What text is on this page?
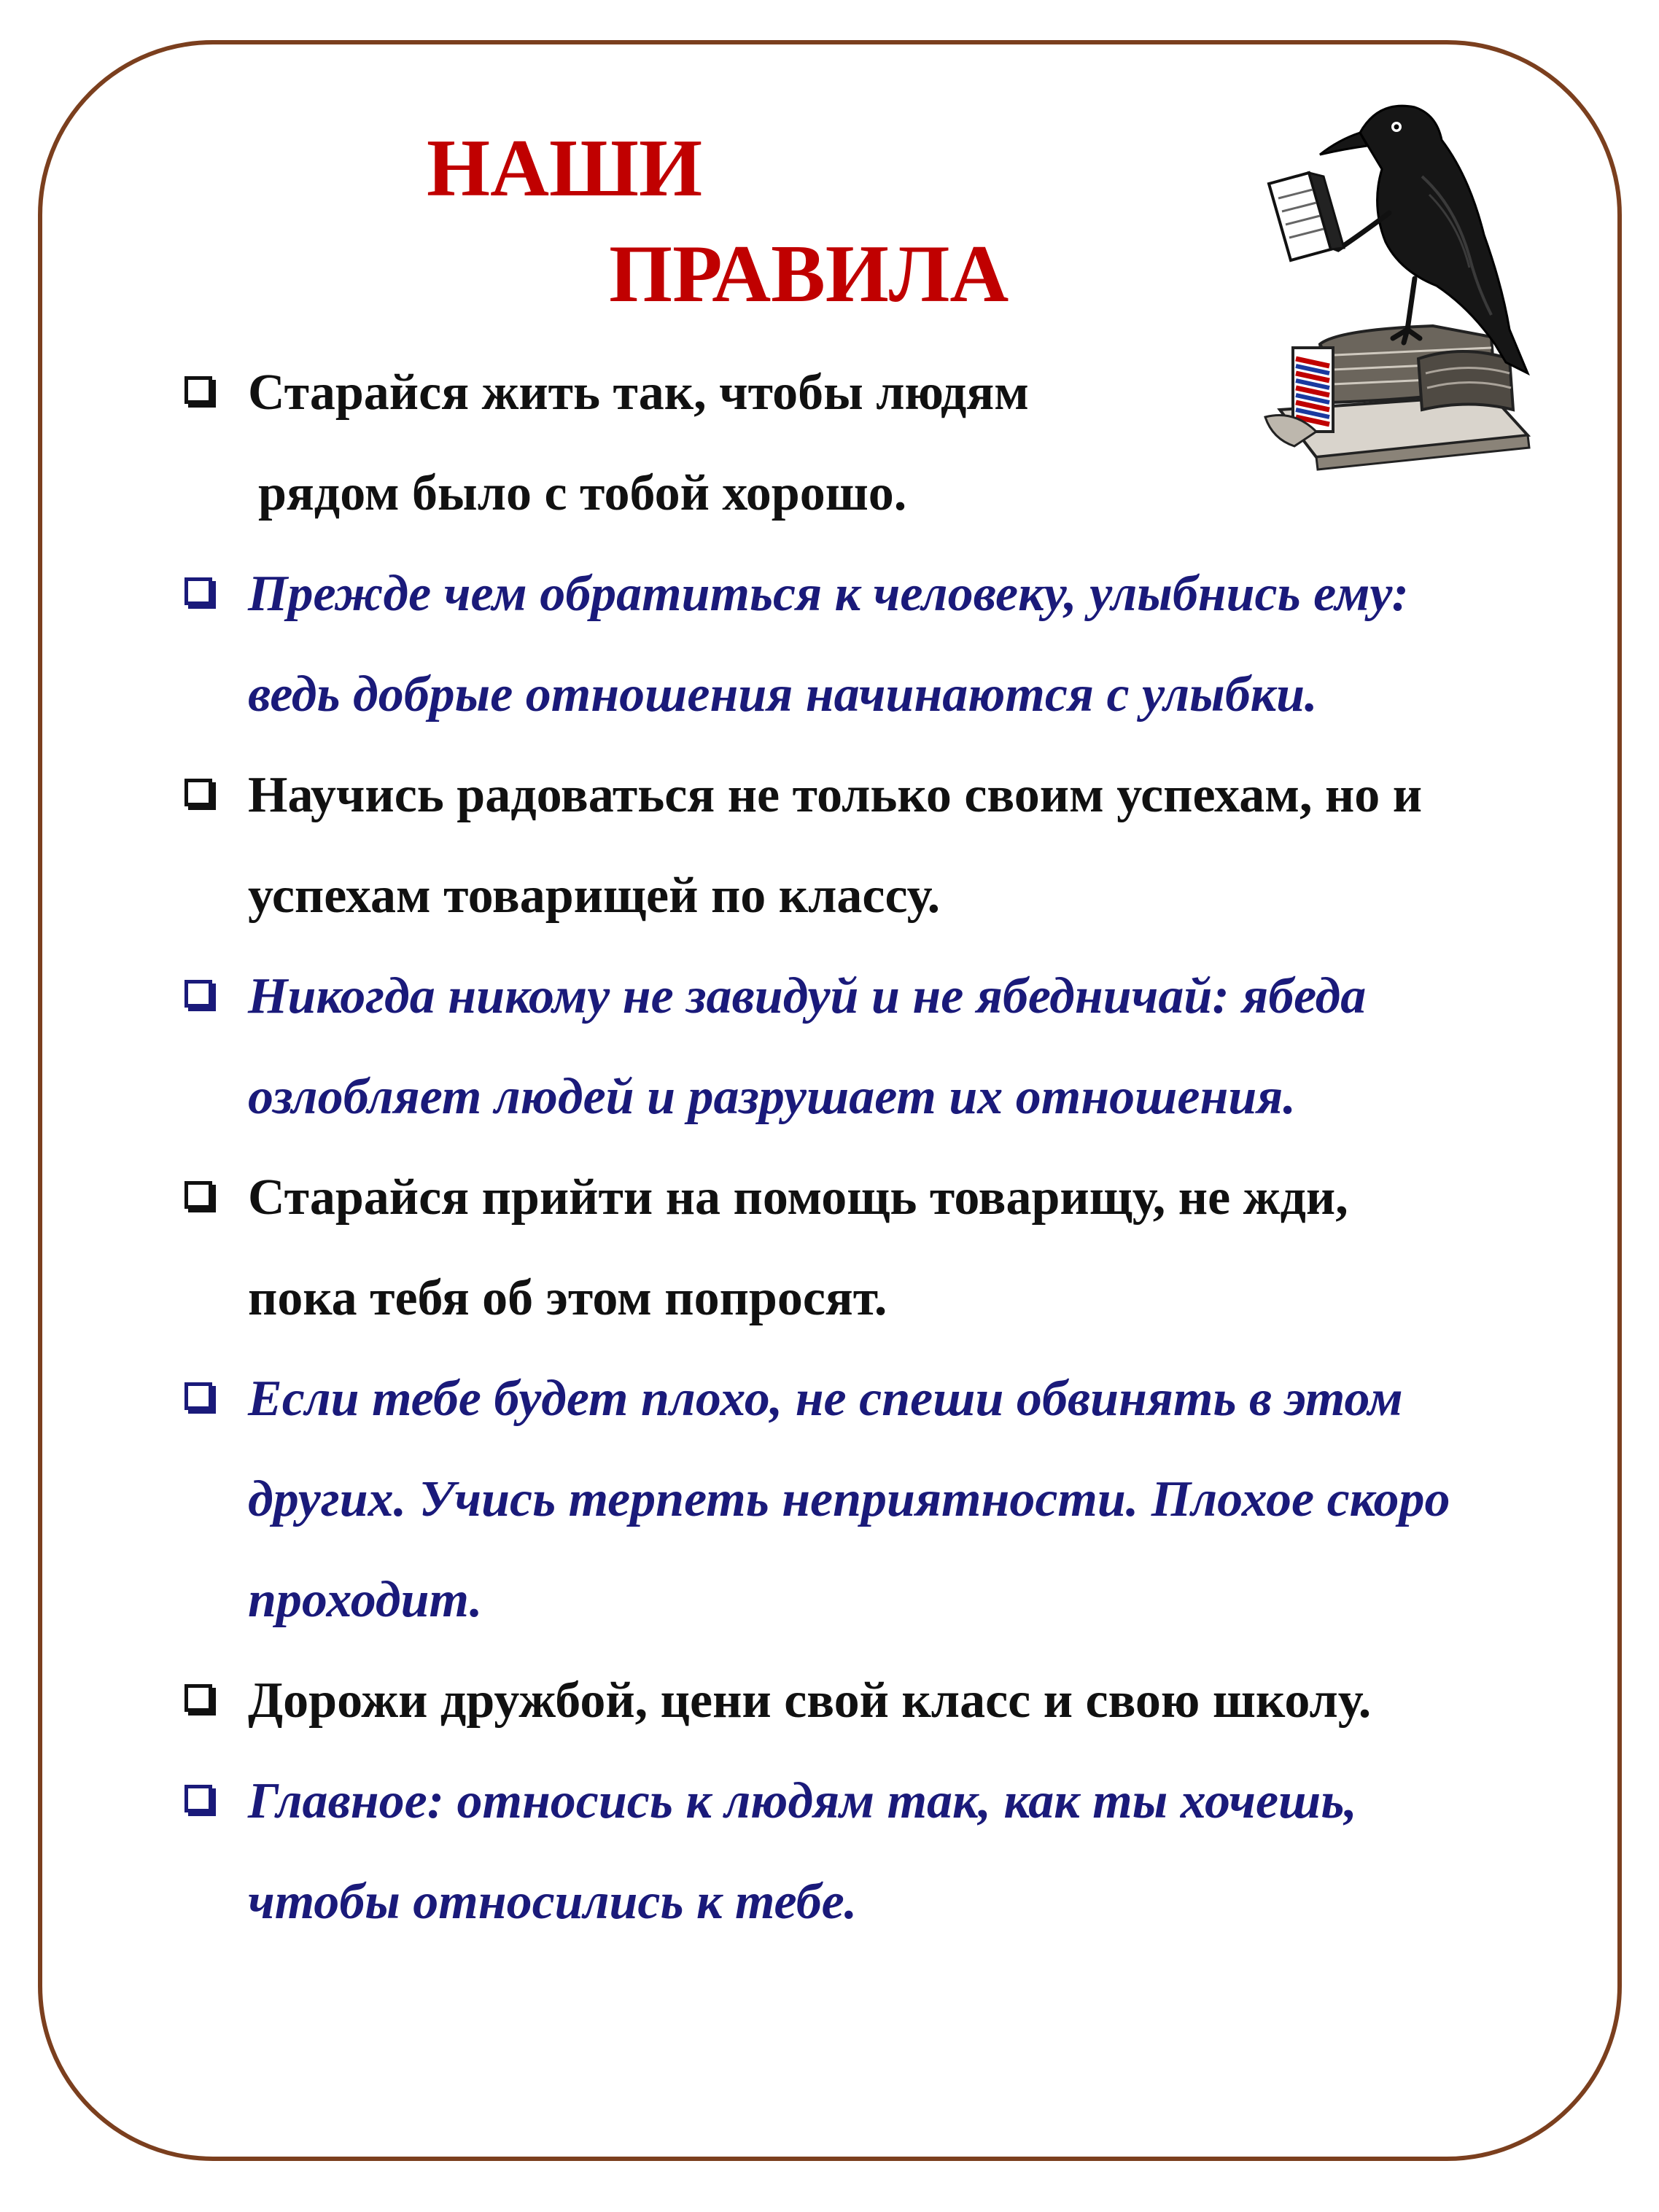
НАШИ
ПРАВИЛА
Старайся жить так, чтобы людям
рядом было с тобой хорошо.
Прежде чем обратиться к человеку, улыбнись ему:
ведь добрые отношения начинаются с улыбки.
Научись радоваться не только своим успехам, но и
успехам товарищей по классу.
Никогда никому не завидуй и не ябедничай: ябеда
озлобляет людей и разрушает их отношения.
Старайся прийти на помощь товарищу, не жди,
пока тебя об этом попросят.
Если тебе будет плохо, не спеши обвинять в этом
других. Учись терпеть неприятности. Плохое скоро
проходит.
Дорожи дружбой, цени свой класс и свою школу.
Главное: относись к людям так, как ты хочешь,
чтобы относились к тебе.
